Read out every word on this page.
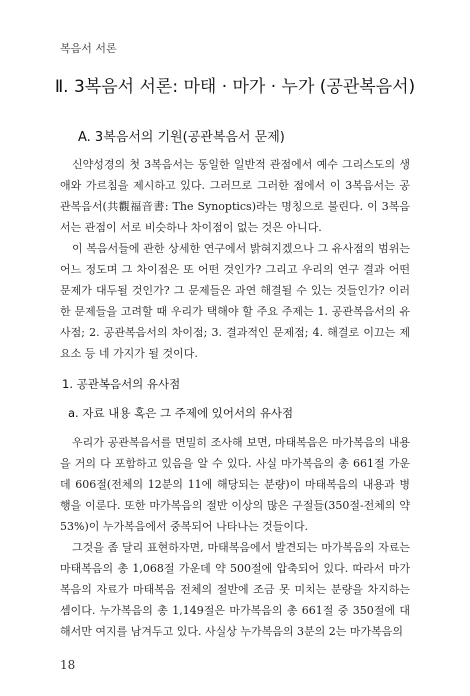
복음서 서론
Ⅱ. 3복음서 서론: 마태 · 마가 · 누가 (공관복음서)
A. 3복음서의 기원(공관복음서 문제)

신약성경의 첫 3복음서는 동일한 일반적 관점에서 예수 그리스도의 생애와 가르침을 제시하고 있다. 그러므로 그러한 점에서 이 3복음서는 공관복음서(共觀福音書: The Synoptics)라는 명칭으로 불린다. 이 3복음서는 관점이 서로 비슷하나 차이점이 없는 것은 아니다.

이 복음서들에 관한 상세한 연구에서 밝혀지겠으나 그 유사점의 범위는 어느 정도며 그 차이점은 또 어떤 것인가? 그리고 우리의 연구 결과 어떤 문제가 대두될 것인가? 그 문제들은 과연 해결될 수 있는 것들인가? 이러한 문제들을 고려할 때 우리가 택해야 할 주요 주제는 1. 공관복음서의 유사점; 2. 공관복음서의 차이점; 3. 결과적인 문제점; 4. 해결로 이끄는 제 요소 등 네 가지가 될 것이다.

1. 공관복음서의 유사점
a. 자료 내용 혹은 그 주제에 있어서의 유사점

우리가 공관복음서를 면밀히 조사해 보면, 마태복음은 마가복음의 내용을 거의 다 포함하고 있음을 알 수 있다. 사실 마가복음의 총 661절 가운데 606절(전체의 12분의 11에 해당되는 분량)이 마태복음의 내용과 병행을 이룬다. 또한 마가복음의 절반 이상의 많은 구절들(350절-전체의 약 53%)이 누가복음에서 중복되어 나타나는 것들이다.

그것을 좀 달리 표현하자면, 마태복음에서 발견되는 마가복음의 자료는 마태복음의 총 1,068절 가운데 약 500절에 압축되어 있다. 따라서 마가복음의 자료가 마태복음 전체의 절반에 조금 못 미치는 분량을 차지하는 셈이다. 누가복음의 총 1,149절은 마가복음의 총 661절 중 350절에 대해서만 여지를 남겨두고 있다. 사실상 누가복음의 3분의 2는 마가복음의

18
